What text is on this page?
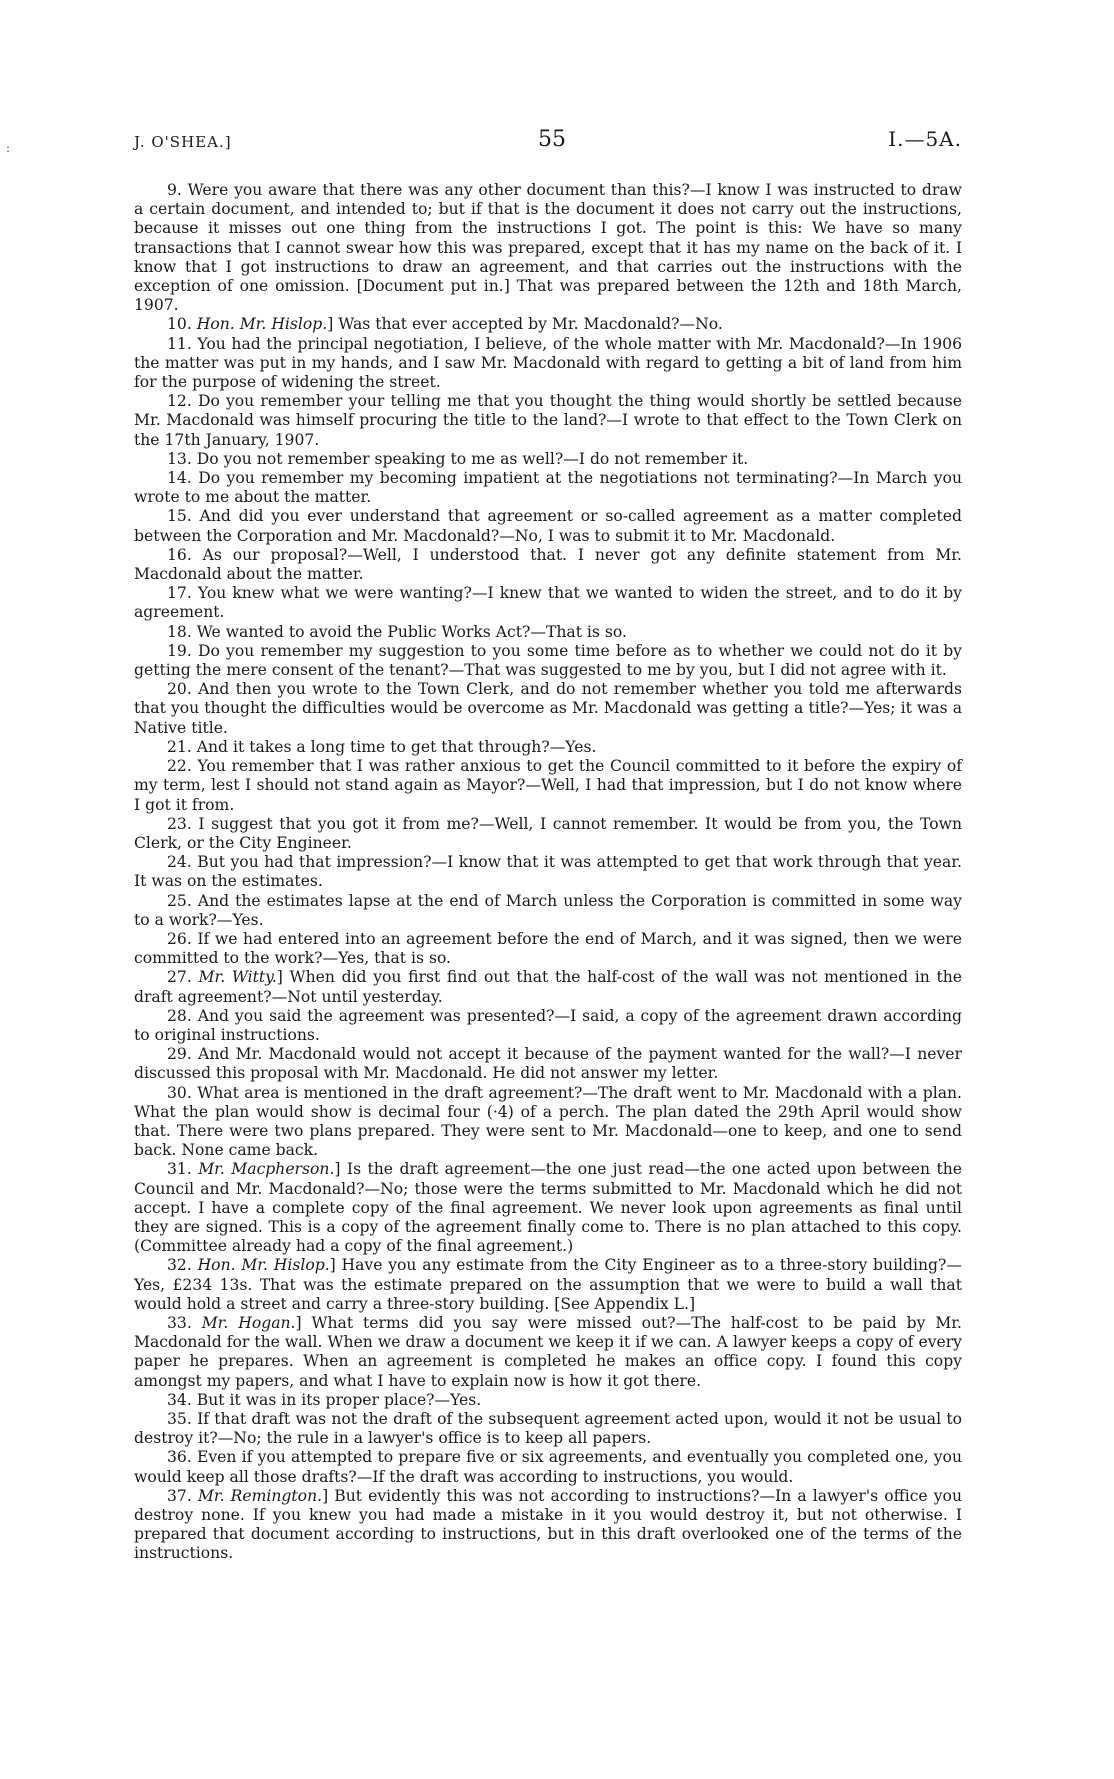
:	J. O'SHEA.]	55	I.—5A.

9. Were you aware that there was any other document than this?—I know I was instructed to draw a certain document, and intended to; but if that is the document it does not carry out the instructions, because it misses out one thing from the instructions I got. The point is this: We have so many transactions that I cannot swear how this was prepared, except that it has my name on the back of it. I know that I got instructions to draw an agreement, and that carries out the instructions with the exception of one omission. [Document put in.] That was prepared between the 12th and 18th March, 1907.

10. Hon. Mr. Hislop.] Was that ever accepted by Mr. Macdonald?—No.

11. You had the principal negotiation, I believe, of the whole matter with Mr. Macdonald?—In 1906 the matter was put in my hands, and I saw Mr. Macdonald with regard to getting a bit of land from him for the purpose of widening the street.

12. Do you remember your telling me that you thought the thing would shortly be settled because Mr. Macdonald was himself procuring the title to the land?—I wrote to that effect to the Town Clerk on the 17th January, 1907.

13. Do you not remember speaking to me as well?—I do not remember it.

14. Do you remember my becoming impatient at the negotiations not terminating?—In March you wrote to me about the matter.

15. And did you ever understand that agreement or so-called agreement as a matter completed between the Corporation and Mr. Macdonald?—No, I was to submit it to Mr. Macdonald.

16. As our proposal?—Well, I understood that. I never got any definite statement from Mr. Macdonald about the matter.

17. You knew what we were wanting?—I knew that we wanted to widen the street, and to do it by agreement.

18. We wanted to avoid the Public Works Act?—That is so.

19. Do you remember my suggestion to you some time before as to whether we could not do it by getting the mere consent of the tenant?—That was suggested to me by you, but I did not agree with it.

20. And then you wrote to the Town Clerk, and do not remember whether you told me afterwards that you thought the difficulties would be overcome as Mr. Macdonald was getting a title?—Yes; it was a Native title.

21. And it takes a long time to get that through?—Yes.

22. You remember that I was rather anxious to get the Council committed to it before the expiry of my term, lest I should not stand again as Mayor?—Well, I had that impression, but I do not know where I got it from.

23. I suggest that you got it from me?—Well, I cannot remember. It would be from you, the Town Clerk, or the City Engineer.

24. But you had that impression?—I know that it was attempted to get that work through that year. It was on the estimates.

25. And the estimates lapse at the end of March unless the Corporation is committed in some way to a work?—Yes.

26. If we had entered into an agreement before the end of March, and it was signed, then we were committed to the work?—Yes, that is so.

27. Mr. Witty.] When did you first find out that the half-cost of the wall was not mentioned in the draft agreement?—Not until yesterday.

28. And you said the agreement was presented?—I said, a copy of the agreement drawn according to original instructions.

29. And Mr. Macdonald would not accept it because of the payment wanted for the wall?—I never discussed this proposal with Mr. Macdonald. He did not answer my letter.

30. What area is mentioned in the draft agreement?—The draft went to Mr. Macdonald with a plan. What the plan would show is decimal four (·4) of a perch. The plan dated the 29th April would show that. There were two plans prepared. They were sent to Mr. Macdonald—one to keep, and one to send back. None came back.

31. Mr. Macpherson.] Is the draft agreement—the one just read—the one acted upon between the Council and Mr. Macdonald?—No; those were the terms submitted to Mr. Macdonald which he did not accept. I have a complete copy of the final agreement. We never look upon agreements as final until they are signed. This is a copy of the agreement finally come to. There is no plan attached to this copy. (Committee already had a copy of the final agreement.)

32. Hon. Mr. Hislop.] Have you any estimate from the City Engineer as to a three-story building?—Yes, £234 13s. That was the estimate prepared on the assumption that we were to build a wall that would hold a street and carry a three-story building. [See Appendix L.]

33. Mr. Hogan.] What terms did you say were missed out?—The half-cost to be paid by Mr. Macdonald for the wall. When we draw a document we keep it if we can. A lawyer keeps a copy of every paper he prepares. When an agreement is completed he makes an office copy. I found this copy amongst my papers, and what I have to explain now is how it got there.

34. But it was in its proper place?—Yes.

35. If that draft was not the draft of the subsequent agreement acted upon, would it not be usual to destroy it?—No; the rule in a lawyer's office is to keep all papers.

36. Even if you attempted to prepare five or six agreements, and eventually you completed one, you would keep all those drafts?—If the draft was according to instructions, you would.

37. Mr. Remington.] But evidently this was not according to instructions?—In a lawyer's office you destroy none. If you knew you had made a mistake in it you would destroy it, but not otherwise. I prepared that document according to instructions, but in this draft overlooked one of the terms of the instructions.
